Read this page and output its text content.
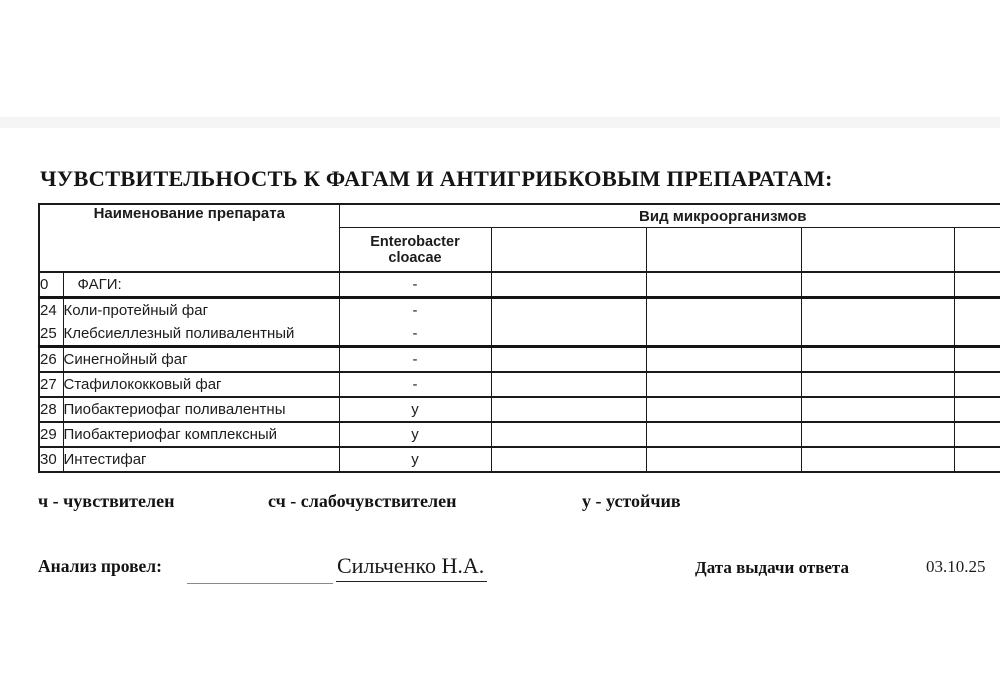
ЧУВСТВИТЕЛЬНОСТЬ К ФАГАМ И АНТИГРИБКОВЫМ ПРЕПАРАТАМ:
Наименование препарата		Вид микроорганизмов				

		Enterobacter cloacae				

0	ФАГИ:	-				
24	Коли-протейный фаг	-				
25	Клебсиеллезный поливалентный	-				
26	Синегнойный фаг	-				
27	Стафилококковый фаг	-				
28	Пиобактериофаг поливалентны	у				
29	Пиобактериофаг комплексный	у				
30	Интестифаг	у				
ч - чувствителен	сч - слабочувствителен	у - устойчив
Анализ провел:	Сильченко Н.А.	Дата выдачи ответа	03.10.25
